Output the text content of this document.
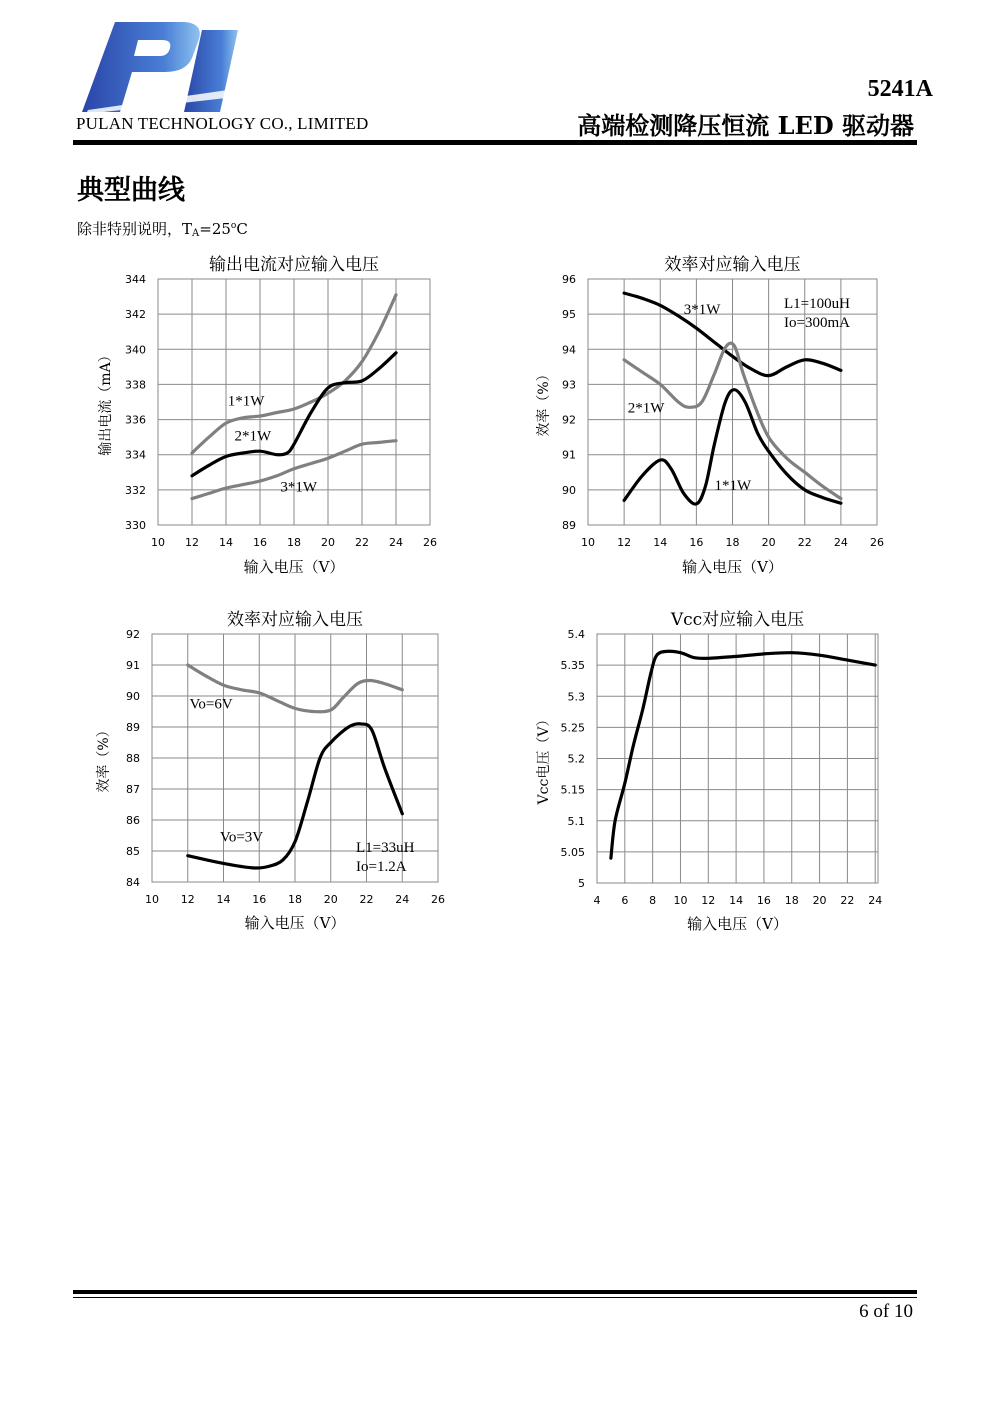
PULAN TECHNOLOGY CO., LIMITED
5241A
高端检测降压恒流 LED 驱动器
典型曲线
除非特别说明，$T_A=25^oC$
10 12 14 16 18 20 22 24 26
330
332
334
336
338
340
342
344
输出电流对应输入电压
输入电压（V）
输出电流（mA）	1*1W
2*1W
3*1W
10 12 14 16 18 20 22 24 26
89
90
91
92
93
94
95
96
效率对应输入电压
输入电压（V）
效率（%）
3*1W
2*1W
1*1W
L1=100uH
Io=300mA
10 12 14 16 18 20 22 24 26
84
85
86
87
88
89
90
91
92
效率对应输入电压
输入电压（V）
效率（%）
Vo=6V
Vo=3V
L1=33uH
Io=1.2A
4 6 8 10 12 14 16 18 20 22 24
5
5.05
5.1
5.15
5.2
5.25
5.3
5.35
5.4
Vcc对应输入电压
输入电压（V）
Vcc电压（V）
6 of 10
